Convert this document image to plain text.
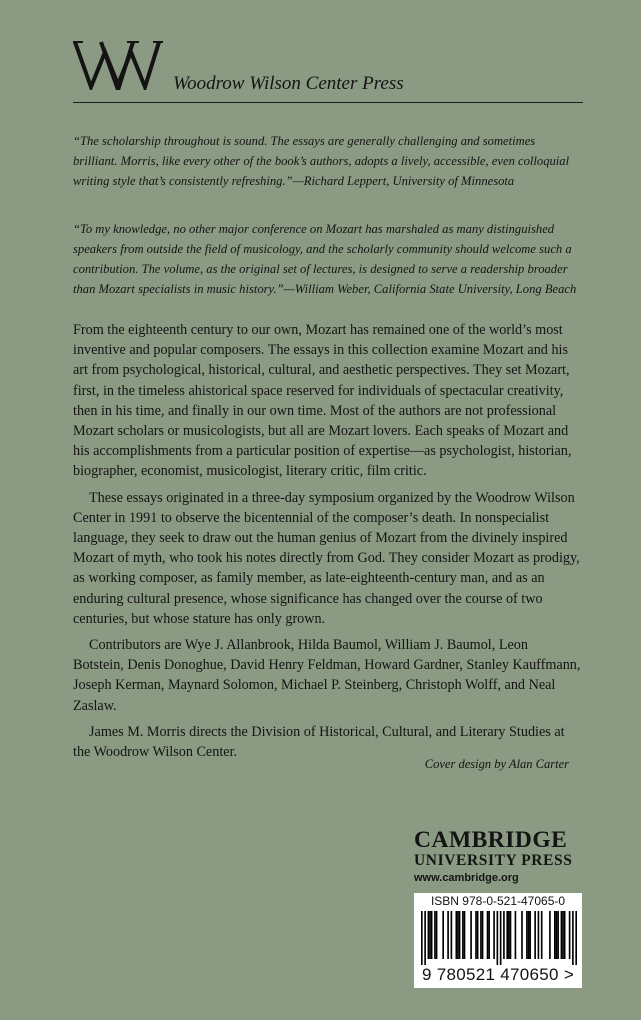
Woodrow Wilson Center Press
“The scholarship throughout is sound. The essays are generally challenging and sometimes brilliant. Morris, like every other of the book’s authors, adopts a lively, accessible, even colloquial writing style that’s consistently refreshing.”—Richard Leppert, University of Minnesota
“To my knowledge, no other major conference on Mozart has marshaled as many distinguished speakers from outside the field of musicology, and the scholarly community should welcome such a contribution. The volume, as the original set of lectures, is designed to serve a readership broader than Mozart specialists in music history.”—William Weber, California State University, Long Beach

From the eighteenth century to our own, Mozart has remained one of the world’s most inventive and popular composers. The essays in this collection examine Mozart and his art from psychological, historical, cultural, and aesthetic perspectives. They set Mozart, first, in the timeless ahistorical space reserved for individuals of spectacular creativity, then in his time, and finally in our own time. Most of the authors are not professional Mozart scholars or musicologists, but all are Mozart lovers. Each speaks of Mozart and his accomplishments from a particular position of expertise—as psychologist, historian, biographer, economist, musicologist, literary critic, film critic.

These essays originated in a three-day symposium organized by the Woodrow Wilson Center in 1991 to observe the bicentennial of the composer’s death. In nonspecialist language, they seek to draw out the human genius of Mozart from the divinely inspired Mozart of myth, who took his notes directly from God. They consider Mozart as prodigy, as working composer, as family member, as late-eighteenth-century man, and as an enduring cultural presence, whose significance has changed over the course of two centuries, but whose stature has only grown.

Contributors are Wye J. Allanbrook, Hilda Baumol, William J. Baumol, Leon Botstein, Denis Donoghue, David Henry Feldman, Howard Gardner, Stanley Kauffmann, Joseph Kerman, Maynard Solomon, Michael P. Steinberg, Christoph Wolff, and Neal Zaslaw.

James M. Morris directs the Division of Historical, Cultural, and Literary Studies at the Woodrow Wilson Center.

Cover design by Alan Carter
CAMBRIDGE
UNIVERSITY PRESS
www.cambridge.org
ISBN 978-0-521-47065-0
9 780521 470650 >
